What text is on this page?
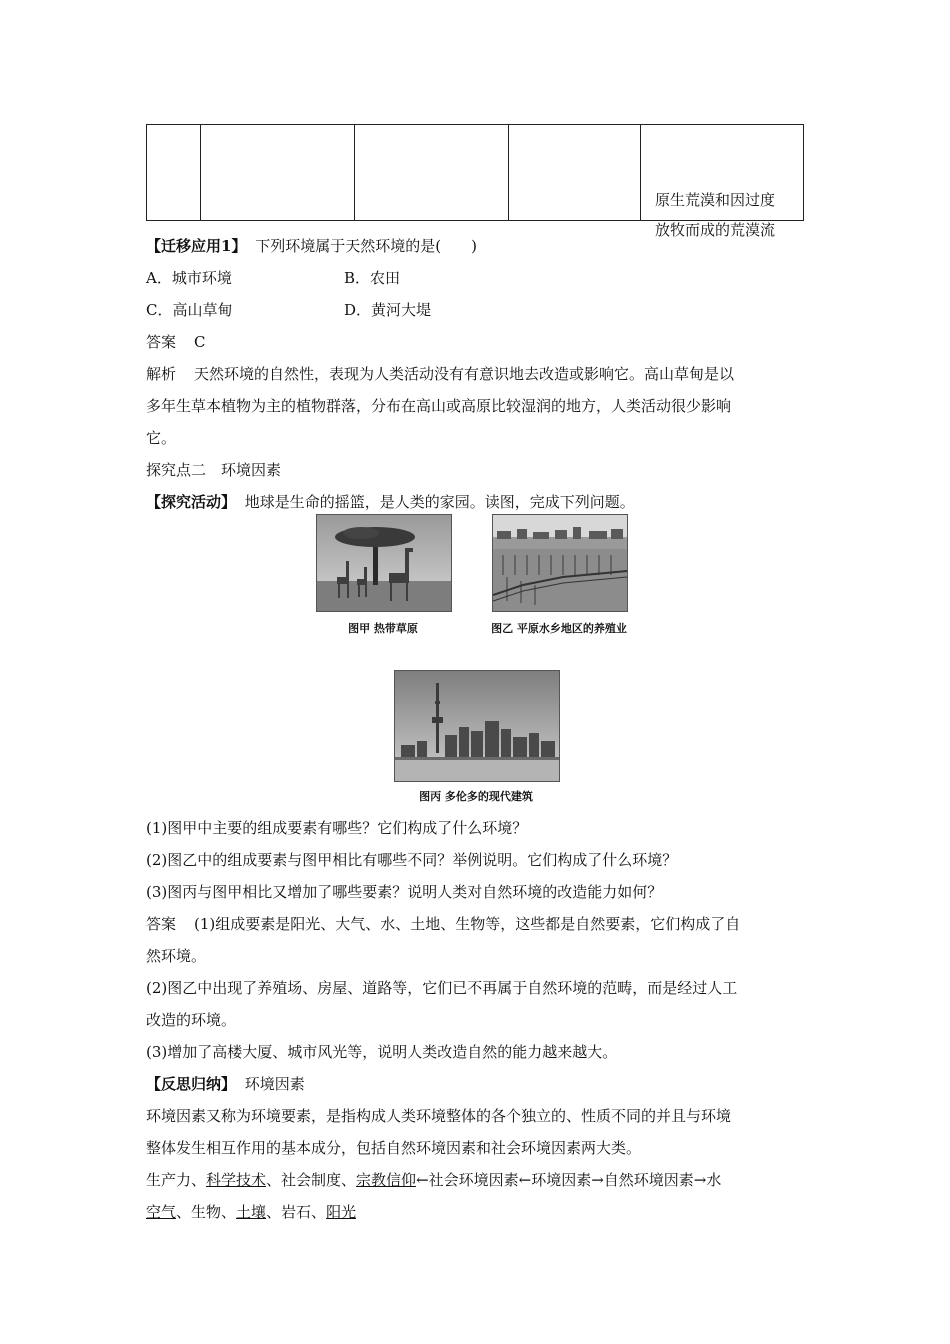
原生荒漠和因过度
放牧而成的荒漠流
【迁移应用1】 下列环境属于天然环境的是(　　)
A．城市环境	B．农田
C．高山草甸	D．黄河大堤
答案 C
解析 天然环境的自然性，表现为人类活动没有有意识地去改造或影响它。高山草甸是以
多年生草本植物为主的植物群落，分布在高山或高原比较湿润的地方，人类活动很少影响
它。
探究点二　环境因素
【探究活动】 地球是生命的摇篮，是人类的家园。读图，完成下列问题。
图甲 热带草原	图乙 平原水乡地区的养殖业
图丙 多伦多的现代建筑
(1)图甲中主要的组成要素有哪些？它们构成了什么环境？
(2)图乙中的组成要素与图甲相比有哪些不同？举例说明。它们构成了什么环境？
(3)图丙与图甲相比又增加了哪些要素？说明人类对自然环境的改造能力如何？
答案 (1)组成要素是阳光、大气、水、土地、生物等，这些都是自然要素，它们构成了自
然环境。
(2)图乙中出现了养殖场、房屋、道路等，它们已不再属于自然环境的范畴，而是经过人工
改造的环境。
(3)增加了高楼大厦、城市风光等，说明人类改造自然的能力越来越大。
【反思归纳】 环境因素
环境因素又称为环境要素，是指构成人类环境整体的各个独立的、性质不同的并且与环境
整体发生相互作用的基本成分，包括自然环境因素和社会环境因素两大类。
生产力、科学技术、社会制度、宗教信仰←社会环境因素←环境因素→自然环境因素→水
空气、生物、土壤、岩石、阳光
